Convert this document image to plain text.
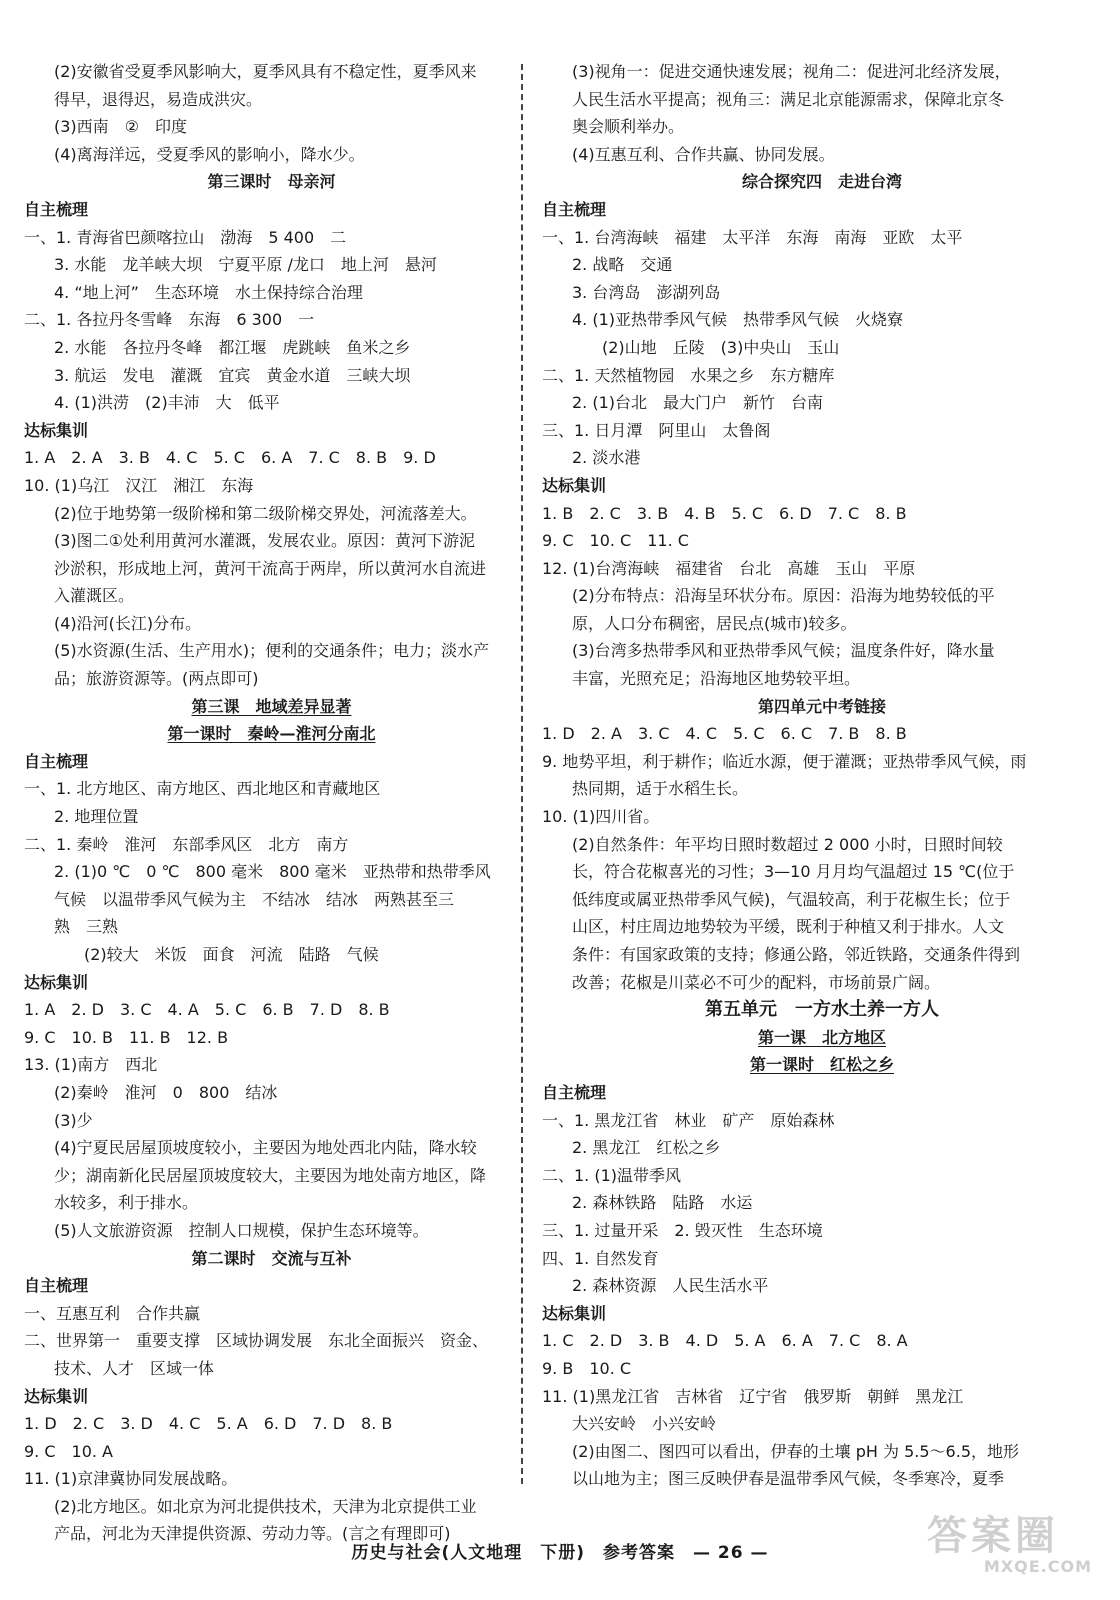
(2)安徽省受夏季风影响大，夏季风具有不稳定性，夏季风来
得早，退得迟，易造成洪灾。
(3)西南　②　印度
(4)离海洋远，受夏季风的影响小，降水少。
第三课时　母亲河
自主梳理
一、1. 青海省巴颜喀拉山　渤海　5 400　二
3. 水能　龙羊峡大坝　宁夏平原 /龙口　地上河　悬河
4. “地上河”　生态环境　水土保持综合治理
二、1. 各拉丹冬雪峰　东海　6 300　一
2. 水能　各拉丹冬峰　都江堰　虎跳峡　鱼米之乡
3. 航运　发电　灌溉　宜宾　黄金水道　三峡大坝
4. (1)洪涝　(2)丰沛　大　低平
达标集训
1. A　2. A　3. B　4. C　5. C　6. A　7. C　8. B　9. D
10. (1)乌江　汉江　湘江　东海
(2)位于地势第一级阶梯和第二级阶梯交界处，河流落差大。
(3)图二①处利用黄河水灌溉，发展农业。原因：黄河下游泥
沙淤积，形成地上河，黄河干流高于两岸，所以黄河水自流进
入灌溉区。
(4)沿河(长江)分布。
(5)水资源(生活、生产用水)；便利的交通条件；电力；淡水产
品；旅游资源等。(两点即可)
第三课　地域差异显著
第一课时　秦岭—淮河分南北
自主梳理
一、1. 北方地区、南方地区、西北地区和青藏地区
2. 地理位置
二、1. 秦岭　淮河　东部季风区　北方　南方
2. (1)0 ℃　0 ℃　800 毫米　800 毫米　亚热带和热带季风
气候　以温带季风气候为主　不结冰　结冰　两熟甚至三
熟　三熟
(2)较大　米饭　面食　河流　陆路　气候
达标集训
1. A　2. D　3. C　4. A　5. C　6. B　7. D　8. B
9. C　10. B　11. B　12. B
13. (1)南方　西北
(2)秦岭　淮河　0　800　结冰
(3)少
(4)宁夏民居屋顶坡度较小，主要因为地处西北内陆，降水较
少；湖南新化民居屋顶坡度较大，主要因为地处南方地区，降
水较多，利于排水。
(5)人文旅游资源　控制人口规模，保护生态环境等。
第二课时　交流与互补
自主梳理
一、互惠互利　合作共赢
二、世界第一　重要支撑　区域协调发展　东北全面振兴　资金、
技术、人才　区域一体
达标集训
1. D　2. C　3. D　4. C　5. A　6. D　7. D　8. B
9. C　10. A
11. (1)京津冀协同发展战略。
(2)北方地区。如北京为河北提供技术，天津为北京提供工业
产品，河北为天津提供资源、劳动力等。(言之有理即可)
(3)视角一：促进交通快速发展；视角二：促进河北经济发展，
人民生活水平提高；视角三：满足北京能源需求，保障北京冬
奥会顺利举办。
(4)互惠互利、合作共赢、协同发展。
综合探究四　走进台湾
自主梳理
一、1. 台湾海峡　福建　太平洋　东海　南海　亚欧　太平
2. 战略　交通
3. 台湾岛　澎湖列岛
4. (1)亚热带季风气候　热带季风气候　火烧寮
(2)山地　丘陵　(3)中央山　玉山
二、1. 天然植物园　水果之乡　东方糖库
2. (1)台北　最大门户　新竹　台南
三、1. 日月潭　阿里山　太鲁阁
2. 淡水港
达标集训
1. B　2. C　3. B　4. B　5. C　6. D　7. C　8. B
9. C　10. C　11. C
12. (1)台湾海峡　福建省　台北　高雄　玉山　平原
(2)分布特点：沿海呈环状分布。原因：沿海为地势较低的平
原，人口分布稠密，居民点(城市)较多。
(3)台湾多热带季风和亚热带季风气候；温度条件好，降水量
丰富，光照充足；沿海地区地势较平坦。
第四单元中考链接
1. D　2. A　3. C　4. C　5. C　6. C　7. B　8. B
9. 地势平坦，利于耕作；临近水源，便于灌溉；亚热带季风气候，雨
热同期，适于水稻生长。
10. (1)四川省。
(2)自然条件：年平均日照时数超过 2 000 小时，日照时间较
长，符合花椒喜光的习性；3—10 月月均气温超过 15 ℃(位于
低纬度或属亚热带季风气候)，气温较高，利于花椒生长；位于
山区，村庄周边地势较为平缓，既利于种植又利于排水。人文
条件：有国家政策的支持；修通公路，邻近铁路，交通条件得到
改善；花椒是川菜必不可少的配料，市场前景广阔。
第五单元　一方水土养一方人
第一课　北方地区
第一课时　红松之乡
自主梳理
一、1. 黑龙江省　林业　矿产　原始森林
2. 黑龙江　红松之乡
二、1. (1)温带季风
2. 森林铁路　陆路　水运
三、1. 过量开采　2. 毁灭性　生态环境
四、1. 自然发育
2. 森林资源　人民生活水平
达标集训
1. C　2. D　3. B　4. D　5. A　6. A　7. C　8. A
9. B　10. C
11. (1)黑龙江省　吉林省　辽宁省　俄罗斯　朝鲜　黑龙江
大兴安岭　小兴安岭
(2)由图二、图四可以看出，伊春的土壤 pH 为 5.5～6.5，地形
以山地为主；图三反映伊春是温带季风气候，冬季寒冷，夏季
历史与社会(人文地理　下册)　参考答案　— 26 —	答案圈
MXQE.COM
